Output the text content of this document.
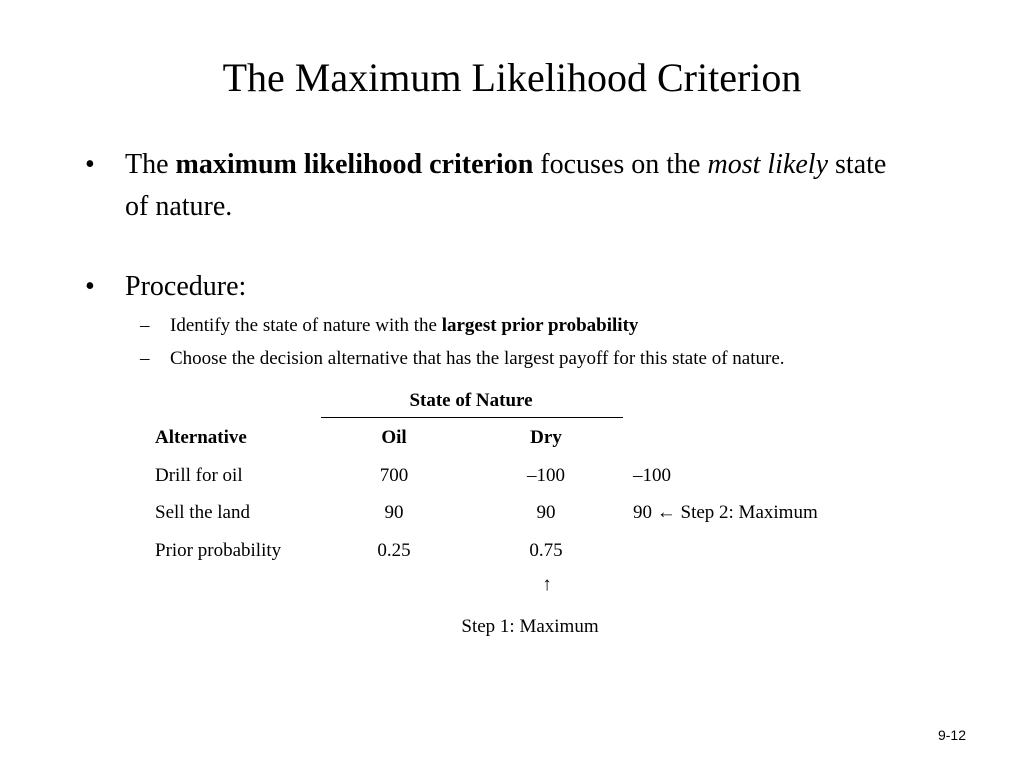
The Maximum Likelihood Criterion
• The maximum likelihood criterion focuses on the most likely state of nature.
• Procedure:
– Identify the state of nature with the largest prior probability
– Choose the decision alternative that has the largest payoff for this state of nature.
State of Nature
Alternative	Oil	Dry
Drill for oil	700	–100	–100
Sell the land	90	90	90 ← Step 2: Maximum
Prior probability	0.25	0.75
↑
Step 1: Maximum
9-12
